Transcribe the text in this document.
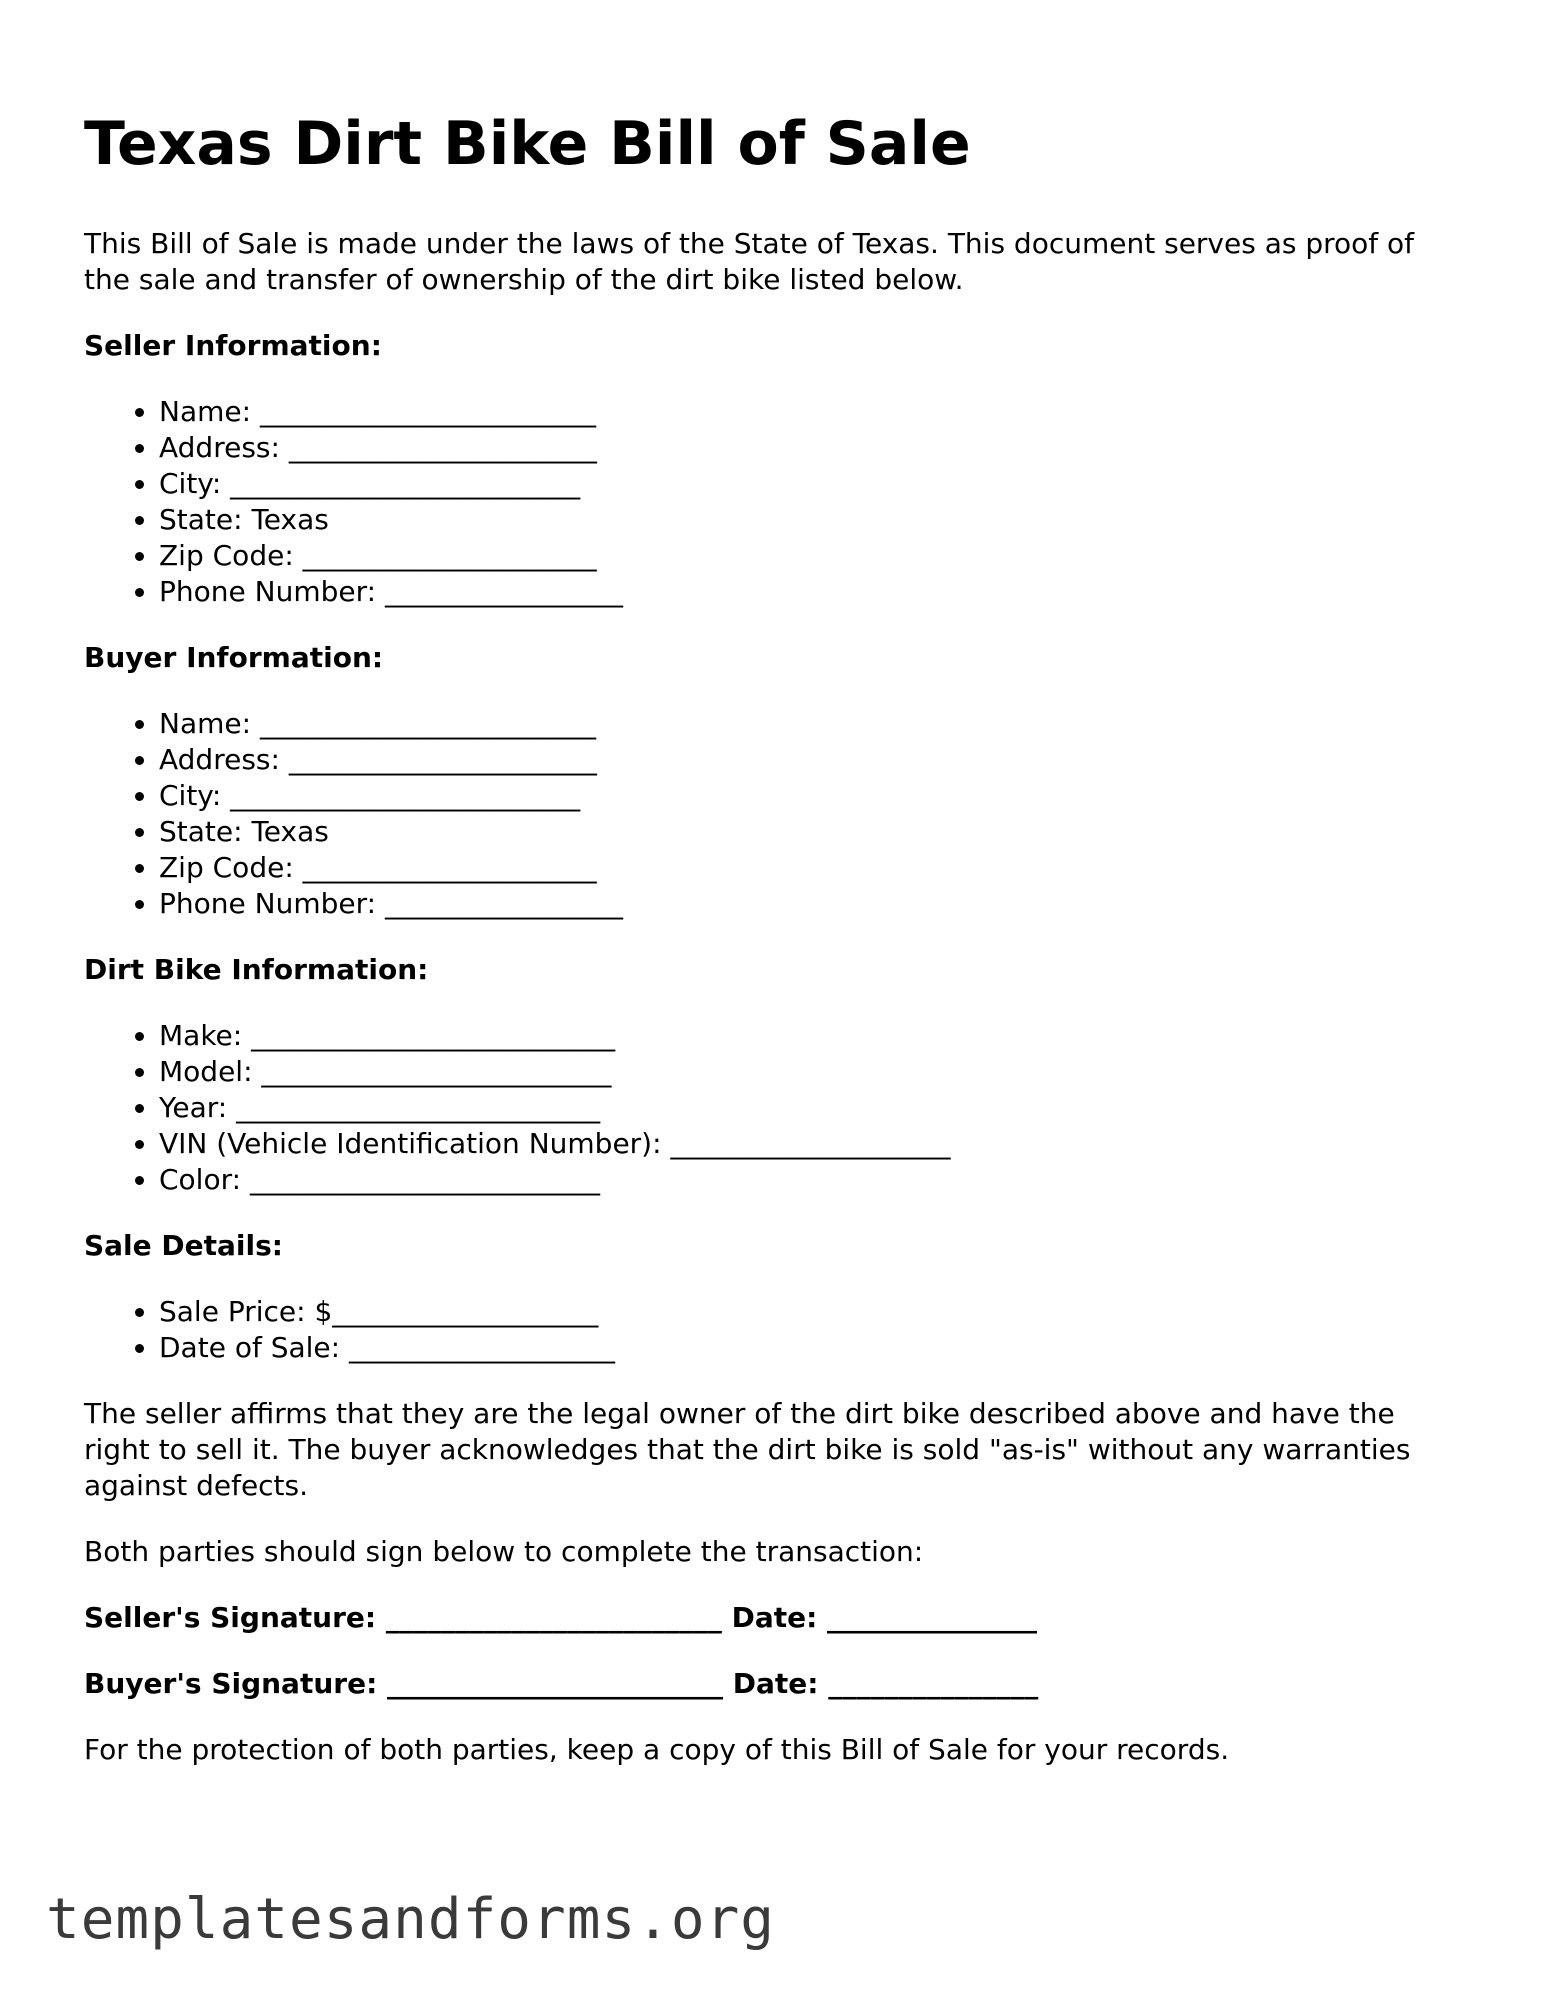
Texas Dirt Bike Bill of Sale

This Bill of Sale is made under the laws of the State of Texas. This document serves as proof of the sale and transfer of ownership of the dirt bike listed below.

Seller Information:
• Name: ________________________
• Address: ______________________
• City: _________________________
• State: Texas
• Zip Code: _____________________
• Phone Number: _________________
Buyer Information:
• Name: ________________________
• Address: ______________________
• City: _________________________
• State: Texas
• Zip Code: _____________________
• Phone Number: _________________
Dirt Bike Information:
• Make: __________________________
• Model: _________________________
• Year: __________________________
• VIN (Vehicle Identification Number): ____________________
• Color: _________________________
Sale Details:
• Sale Price: $___________________
• Date of Sale: ___________________

The seller affirms that they are the legal owner of the dirt bike described above and have the right to sell it. The buyer acknowledges that the dirt bike is sold "as-is" without any warranties against defects.

Both parties should sign below to complete the transaction:

Seller's Signature: ________________________ Date: _______________

Buyer's Signature: ________________________ Date: _______________

For the protection of both parties, keep a copy of this Bill of Sale for your records.

templatesandforms.org
